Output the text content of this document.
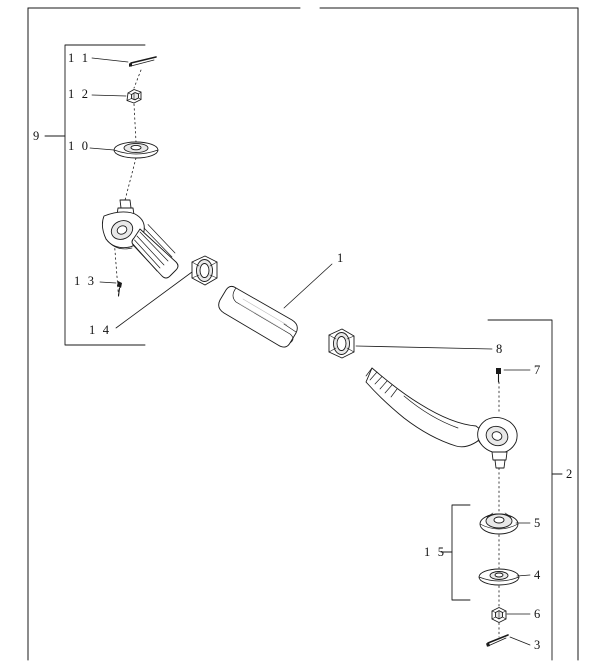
1
2
3
4
5
6
7
8
9
1 0
1 1
1 2
1 3
1 4
1 5
